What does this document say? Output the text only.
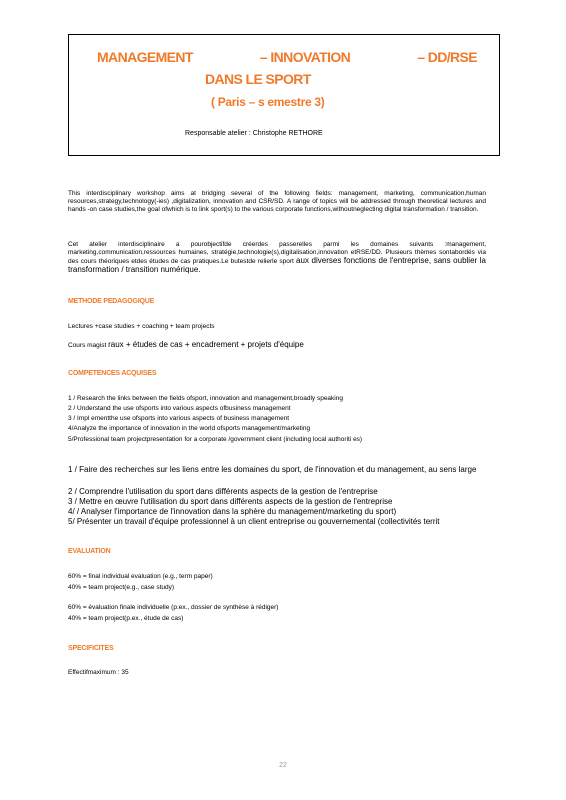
MANAGEMENT	– INNOVATION	– DD/RSE
DANS LE SPORT
( Paris – s emestre 3)
Responsable atelier : Christophe RETHORE
This interdisciplinary workshop aims at bridging several of the following fields: management, marketing, communication,human resources,strategy,technology(-ies) ,digitalization, innovation and CSR/SD. A range of topics will be addressed through theoretical lectures and hands -on case studies,the goal ofwhich is to link sport(s) to the various corporate functions,withoutneglecting digital transformation / transition.
Cet atelier interdisciplinaire a pourobjectifde créerdes passerelles parmi les domaines suivants :management, marketing,communication,ressources humaines, stratégie,technologie(s),digitalisation,innovation etRSE/DD. Plusieurs thèmes sontabordés via des cours théoriques etdes études de cas pratiques.Le butestde relierle sport aux diverses fonctions de l'entreprise, sans oublier la transformation / transition numérique.
METHODE PEDAGOGIQUE
Lectures +case studies + coaching + team projects
Cours magist raux + études de cas + encadrement + projets d'équipe
COMPETENCES ACQUISES
1 / Research the links between the fields ofsport, innovation and management,broadly speaking
2 / Understand the use ofsports into various aspects ofbusiness management
3 / Impl ementthe use ofsports into various aspects of business management
4/Analyze the importance of innovation in the world ofsports management/marketing
5/Professional team projectpresentation for a corporate /government client (including local authoriti es)
1 / Faire des recherches sur les liens entre les domaines du sport, de l'innovation et du management, au sens large
2 / Comprendre l'utilisation du sport dans différents aspects de la gestion de l'entreprise
3 / Mettre en œuvre l'utilisation du sport dans différents aspects de la gestion de l'entreprise
4/ / Analyser l'importance de l'innovation dans la sphère du management/marketing du sport)
5/ Présenter un travail d'équipe professionnel à un client entreprise ou gouvernemental (collectivités territ
EVALUATION
60% = final individual evaluation (e.g., term paper)
40% = team project(e.g., case study)
60% = évaluation finale individuelle (p.ex., dossier de synthèse à rédiger)
40% = team project(p.ex., étude de cas)
SPECIFICITES
Effectifmaximum : 35
22
